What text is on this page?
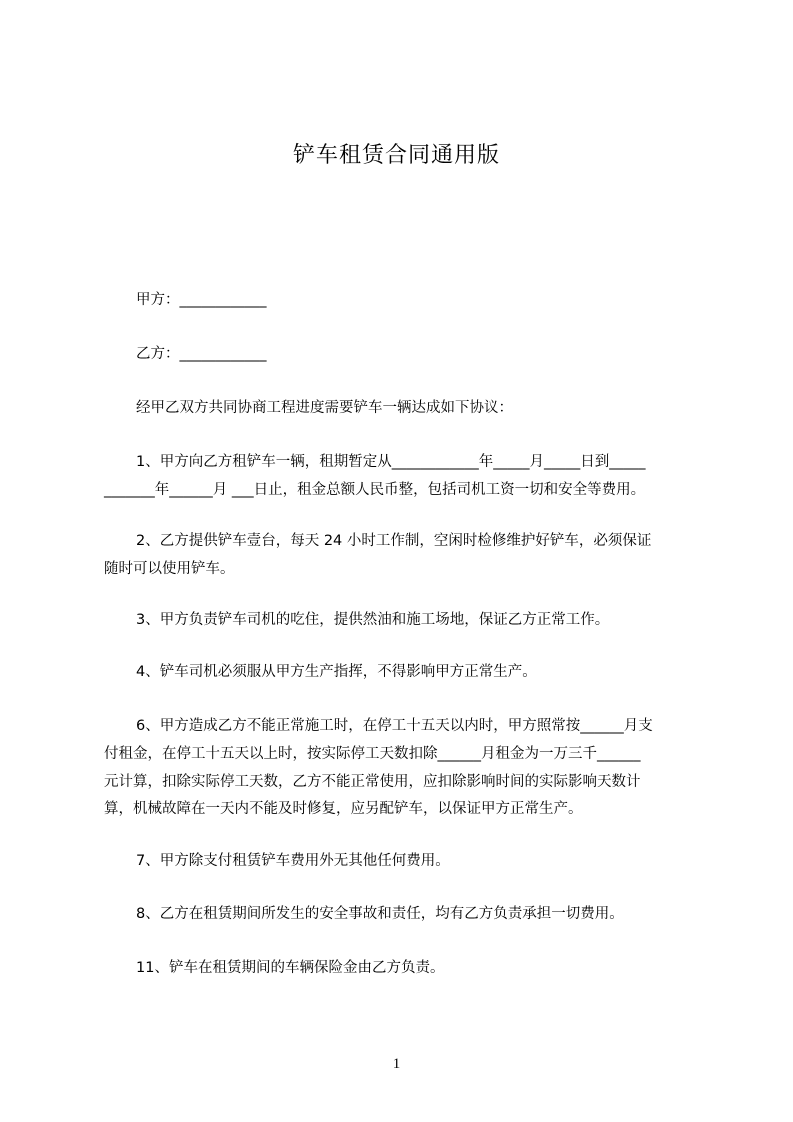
铲车租赁合同通用版
甲方：____________
乙方：____________
经甲乙双方共同协商工程进度需要铲车一辆达成如下协议：
1、甲方向乙方租铲车一辆，租期暂定从____________年_____月_____日到_____
_______年______月 ___日止，租金总额人民币整，包括司机工资一切和安全等费用。
2、乙方提供铲车壹台，每天 24 小时工作制，空闲时检修维护好铲车，必须保证
随时可以使用铲车。
3、甲方负责铲车司机的吃住，提供然油和施工场地，保证乙方正常工作。
4、铲车司机必须服从甲方生产指挥，不得影响甲方正常生产。
6、甲方造成乙方不能正常施工时，在停工十五天以内时，甲方照常按______月支
付租金，在停工十五天以上时，按实际停工天数扣除______月租金为一万三千______
元计算，扣除实际停工天数，乙方不能正常使用，应扣除影响时间的实际影响天数计
算，机械故障在一天内不能及时修复，应另配铲车，以保证甲方正常生产。
7、甲方除支付租赁铲车费用外无其他任何费用。
8、乙方在租赁期间所发生的安全事故和责任，均有乙方负责承担一切费用。
11、铲车在租赁期间的车辆保险金由乙方负责。
1
